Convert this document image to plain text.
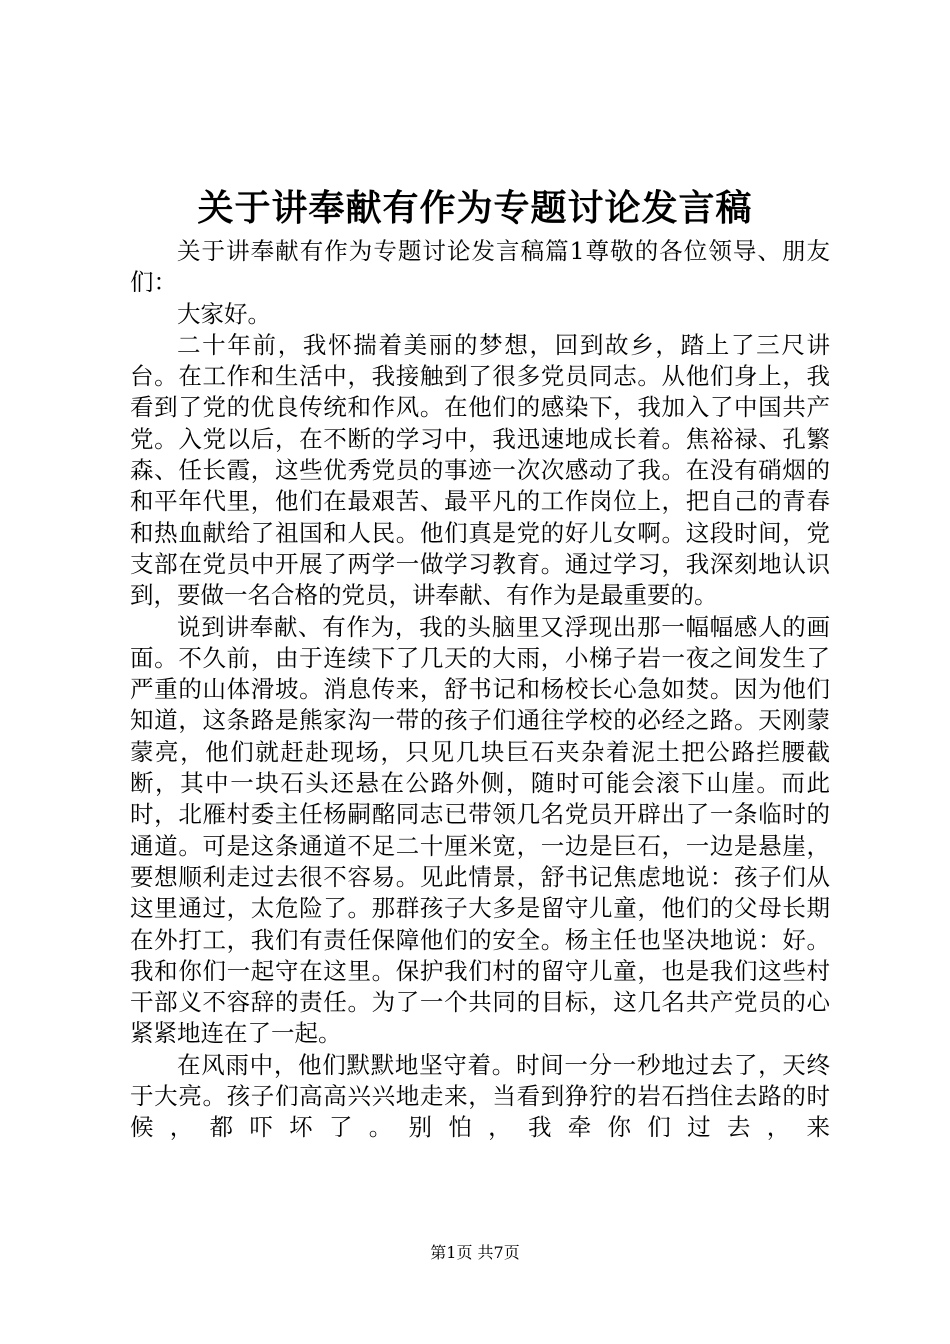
关于讲奉献有作为专题讨论发言稿

关于讲奉献有作为专题讨论发言稿篇1尊敬的各位领导、朋友们：

大家好。

二十年前，我怀揣着美丽的梦想，回到故乡，踏上了三尺讲台。在工作和生活中，我接触到了很多党员同志。从他们身上，我看到了党的优良传统和作风。在他们的感染下，我加入了中国共产党。入党以后，在不断的学习中，我迅速地成长着。焦裕禄、孔繁森、任长霞，这些优秀党员的事迹一次次感动了我。在没有硝烟的和平年代里，他们在最艰苦、最平凡的工作岗位上，把自己的青春和热血献给了祖国和人民。他们真是党的好儿女啊。这段时间，党支部在党员中开展了两学一做学习教育。通过学习，我深刻地认识到，要做一名合格的党员，讲奉献、有作为是最重要的。

说到讲奉献、有作为，我的头脑里又浮现出那一幅幅感人的画面。不久前，由于连续下了几天的大雨，小梯子岩一夜之间发生了严重的山体滑坡。消息传来，舒书记和杨校长心急如焚。因为他们知道，这条路是熊家沟一带的孩子们通往学校的必经之路。天刚蒙蒙亮，他们就赶赴现场，只见几块巨石夹杂着泥土把公路拦腰截断，其中一块石头还悬在公路外侧，随时可能会滚下山崖。而此时，北雁村委主任杨嗣酩同志已带领几名党员开辟出了一条临时的通道。可是这条通道不足二十厘米宽，一边是巨石，一边是悬崖，要想顺利走过去很不容易。见此情景，舒书记焦虑地说：孩子们从这里通过，太危险了。那群孩子大多是留守儿童，他们的父母长期在外打工，我们有责任保障他们的安全。杨主任也坚决地说：好。我和你们一起守在这里。保护我们村的留守儿童，也是我们这些村干部义不容辞的责任。为了一个共同的目标，这几名共产党员的心紧紧地连在了一起。

在风雨中，他们默默地坚守着。时间一分一秒地过去了，天终于大亮。孩子们高高兴兴地走来，当看到狰狞的岩石挡住去路的时候，都吓坏了。别怕，我牵你们过去，来

第1页 共7页
